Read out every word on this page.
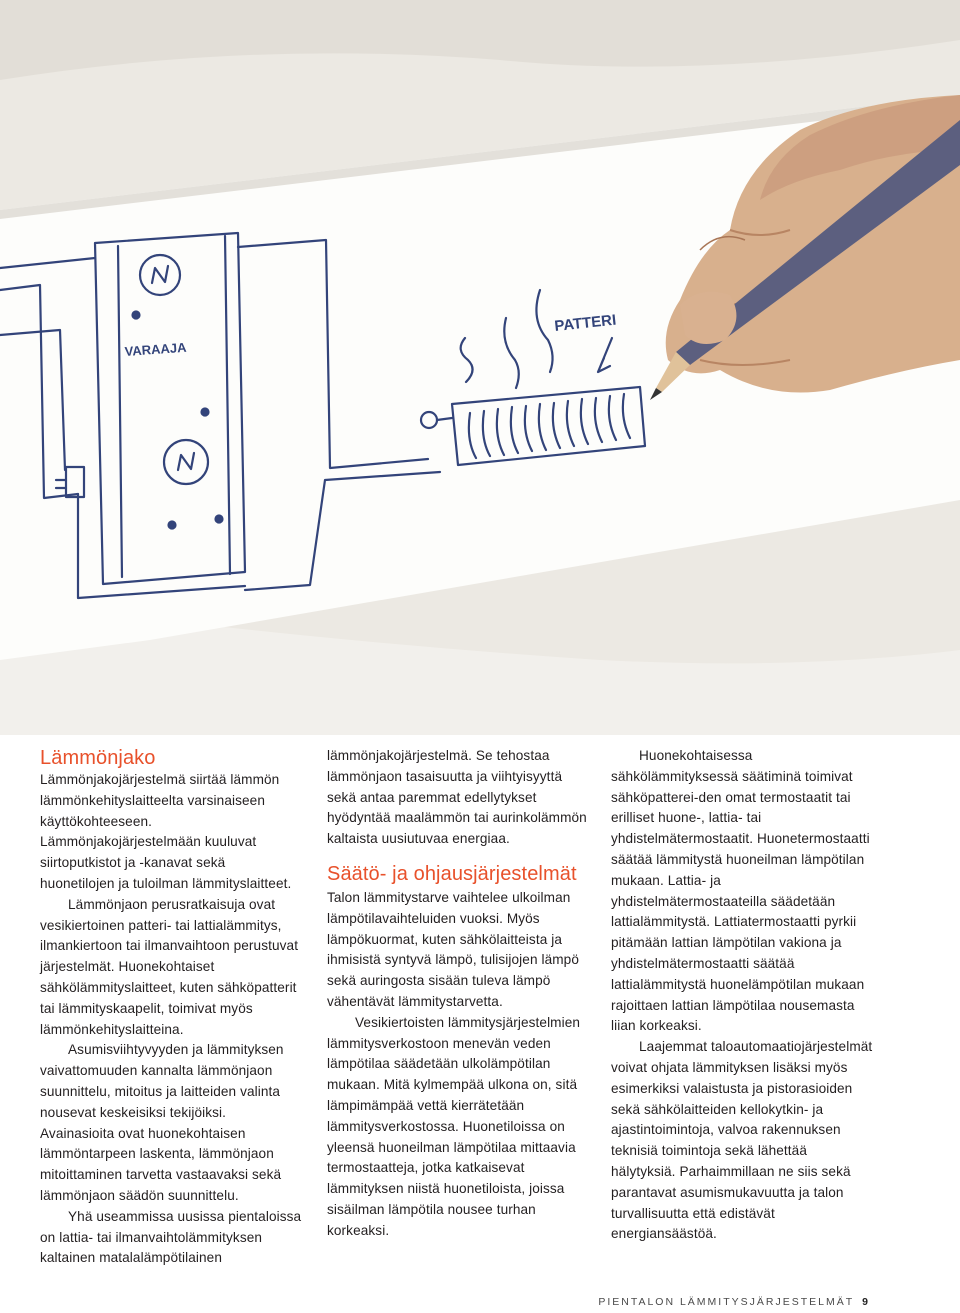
VARAAJA
PATTERI
Lämmönjako

Lämmönjakojärjestelmä siirtää lämmön lämmönkehityslaitteelta varsinaiseen käyttökohteeseen. Lämmönjakojärjestelmään kuuluvat siirtoputkistot ja -kanavat sekä huonetilojen ja tuloilman lämmityslaitteet.

Lämmönjaon perusratkaisuja ovat vesikiertoinen patteri- tai lattialämmitys, ilmankiertoon tai ilmanvaihtoon perustuvat järjestelmät. Huonekohtaiset sähkölämmityslaitteet, kuten sähköpatterit tai lämmityskaapelit, toimivat myös lämmönkehityslaitteina.

Asumisviihtyvyyden ja lämmityksen vaivattomuuden kannalta lämmönjaon suunnittelu, mitoitus ja laitteiden valinta nousevat keskeisiksi tekijöiksi. Avainasioita ovat huonekohtaisen lämmöntarpeen laskenta, lämmönjaon mitoittaminen tarvetta vastaavaksi sekä lämmönjaon säädön suunnittelu.

Yhä useammissa uusissa pientaloissa on lattia- tai ilmanvaihtolämmityksen kaltainen matalalämpötilainen

lämmönjakojärjestelmä. Se tehostaa lämmönjaon tasaisuutta ja viihtyisyyttä sekä antaa paremmat edellytykset hyödyntää maalämmön tai aurinkolämmön kaltaista uusiutuvaa energiaa.

Säätö- ja ohjausjärjestelmät

Talon lämmitystarve vaihtelee ulkoilman lämpötilavaihteluiden vuoksi. Myös lämpökuormat, kuten sähkölaitteista ja ihmisistä syntyvä lämpö, tulisijojen lämpö sekä auringosta sisään tuleva lämpö vähentävät lämmitystarvetta.

Vesikiertoisten lämmitysjärjestelmien lämmitysverkostoon menevän veden lämpötilaa säädetään ulkolämpötilan mukaan. Mitä kylmempää ulkona on, sitä lämpimämpää vettä kierrätetään lämmitysverkostossa. Huonetiloissa on yleensä huoneilman lämpötilaa mittaavia termostaatteja, jotka katkaisevat lämmityksen niistä huonetiloista, joissa sisäilman lämpötila nousee turhan korkeaksi.

Huonekohtaisessa sähkölämmityksessä säätiminä toimivat sähköpatterei-den omat termostaatit tai erilliset huone-, lattia- tai yhdistelmätermostaatit. Huonetermostaatti säätää lämmitystä huoneilman lämpötilan mukaan. Lattia- ja yhdistelmätermostaateilla säädetään lattialämmitystä. Lattiatermostaatti pyrkii pitämään lattian lämpötilan vakiona ja yhdistelmätermostaatti säätää lattialämmitystä huonelämpötilan mukaan rajoittaen lattian lämpötilaa nousemasta liian korkeaksi.

Laajemmat taloautomaatiojärjestelmät voivat ohjata lämmityksen lisäksi myös esimerkiksi valaistusta ja pistorasioiden sekä sähkölaitteiden kellokytkin- ja ajastintoimintoja, valvoa rakennuksen teknisiä toimintoja sekä lähettää hälytyksiä. Parhaimmillaan ne siis sekä parantavat asumismukavuutta ja talon turvallisuutta että edistävät energiansäästöä.

PIENTALON LÄMMITYSJÄRJESTELMÄT 9
